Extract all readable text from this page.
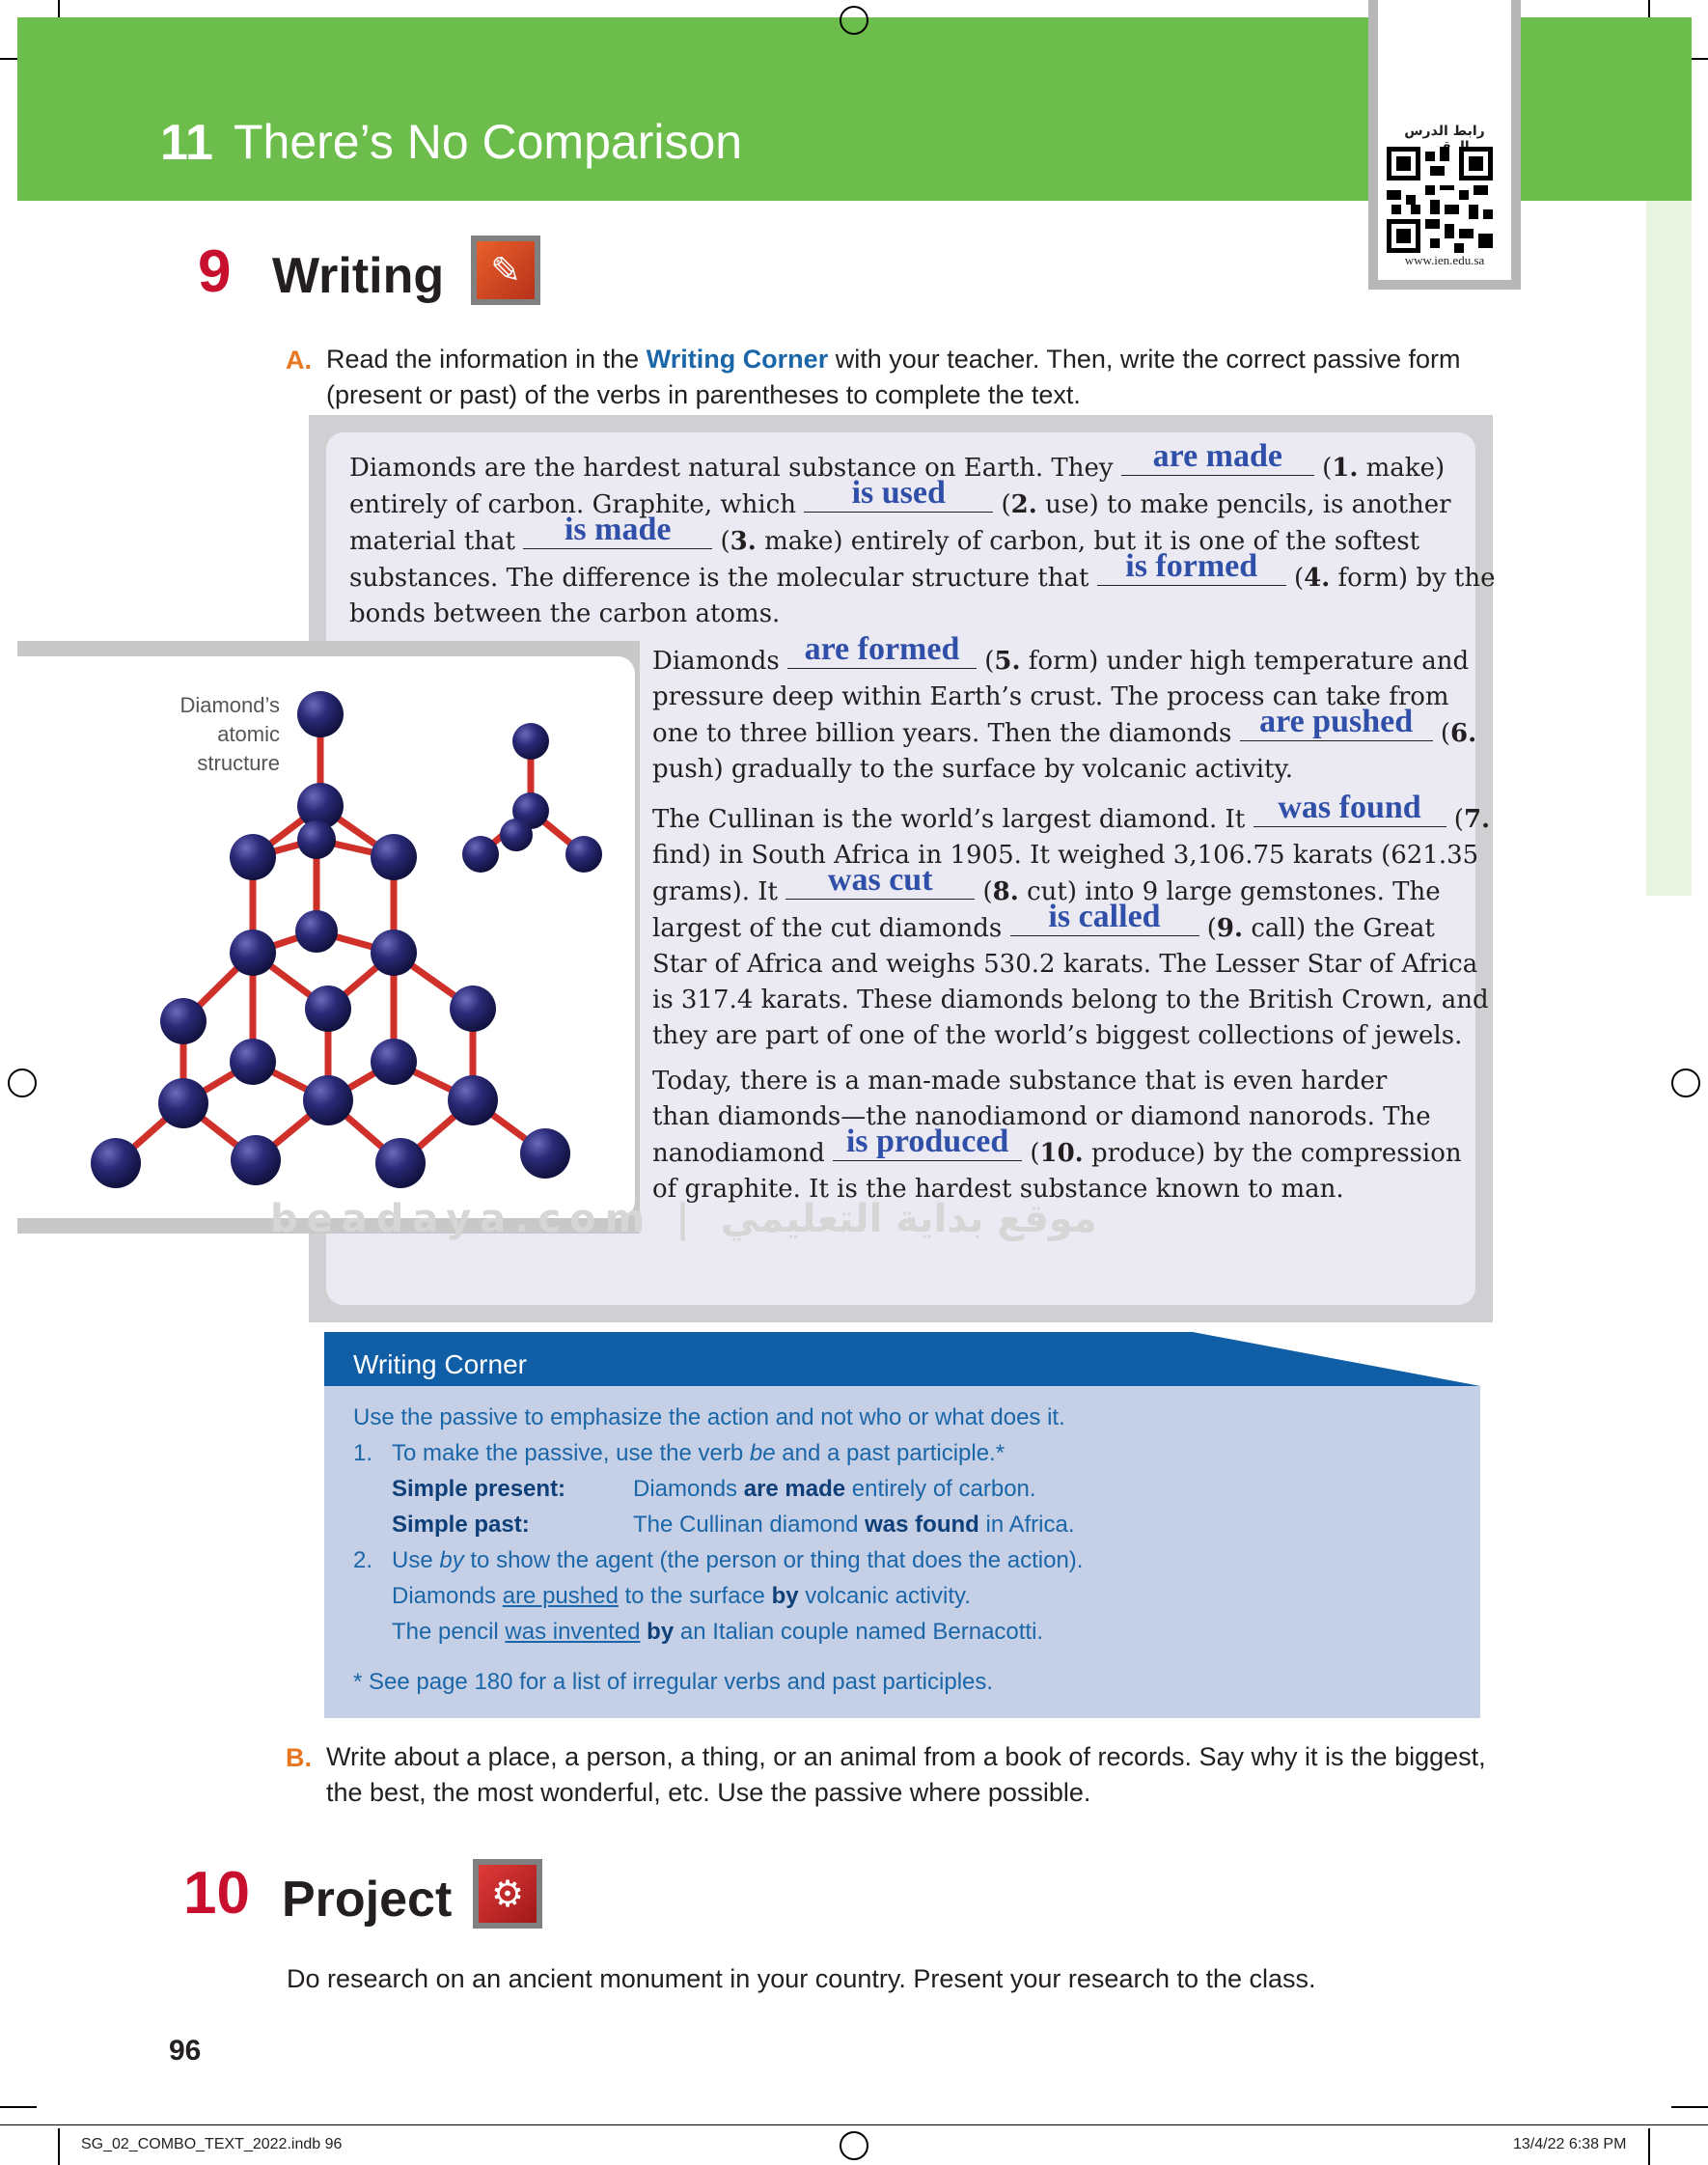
11 There’s No Comparison	رابط الدرس
www.ien.edu.sa
9 Writing	✎
A. Read the information in the Writing Corner with your teacher. Then, write the correct passive form
(present or past) of the verbs in parentheses to complete the text.
Diamonds are the hardest natural substance on Earth. They are made	(1. make)
entirely of carbon. Graphite, which	is used	(2. use) to make pencils, is another
material that	is made	(3. make) entirely of carbon, but it is one of the softest
substances. The difference is the molecular structure that is formed	(4. form) by the
bonds between the carbon atoms.
Diamond’s
atomic
structure
Diamonds are formed (5. form) under high temperature and
pressure deep within Earth’s crust. The process can take from
one to three billion years. Then the diamonds are pushed (6.
push) gradually to the surface by volcanic activity.
The Cullinan is the world’s largest diamond. It was found (7.
find) in South Africa in 1905. It weighed 3,106.75 karats (621.35
grams). It	was cut	(8. cut) into 9 large gemstones. The
largest of the cut diamonds	is called	(9. call) the Great
Star of Africa and weighs 530.2 karats. The Lesser Star of Africa
is 317.4 karats. These diamonds belong to the British Crown, and
they are part of one of the world’s biggest collections of jewels.
Today, there is a man-made substance that is even harder
than diamonds—the nanodiamond or diamond nanorods. The
nanodiamond is produced (10. produce) by the compression
of graphite. It is the hardest substance known to man.
beadaya.com | موقع بداية التعليمي
Writing Corner
Use the passive to emphasize the action and not who or what does it.
1. To make the passive, use the verb be and a past participle.*
Simple present:	Diamonds are made entirely of carbon.
Simple past:	The Cullinan diamond was found in Africa.
2. Use by to show the agent (the person or thing that does the action).
Diamonds are pushed to the surface by volcanic activity.
The pencil was invented by an Italian couple named Bernacotti.
* See page 180 for a list of irregular verbs and past participles.
B. Write about a place, a person, a thing, or an animal from a book of records. Say why it is the biggest,
the best, the most wonderful, etc. Use the passive where possible.
10 Project	⚙
Do research on an ancient monument in your country. Present your research to the class.
96
SG_02_COMBO_TEXT_2022.indb 96	13/4/22 6:38 PM
